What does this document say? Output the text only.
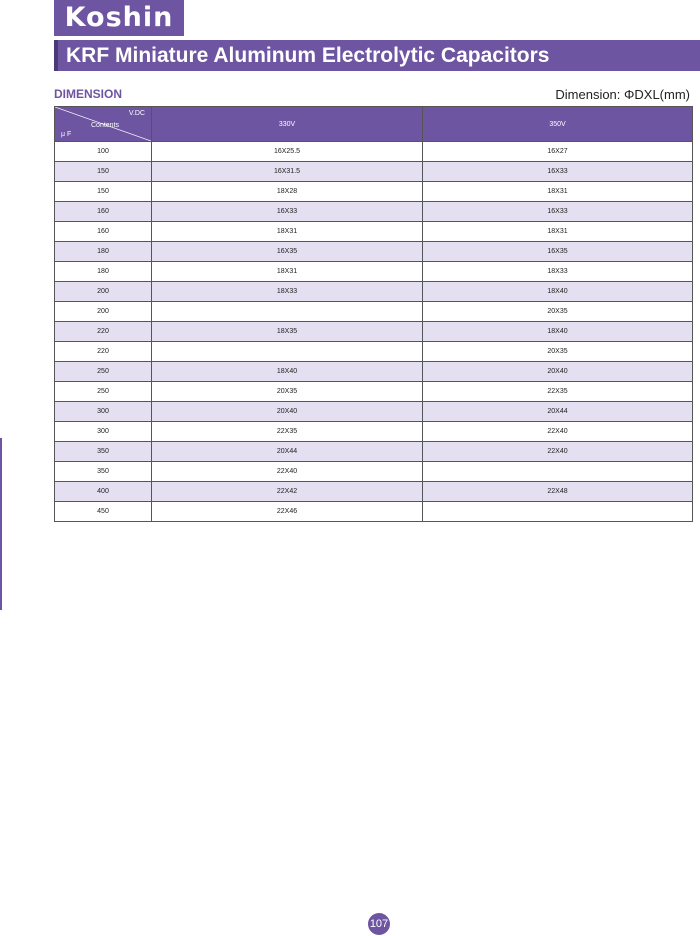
Koshin
KRF Miniature Aluminum Electrolytic Capacitors
DIMENSION	Dimension: ΦDXL(mm)
V.DC
Contents
μ F	330V	350V
100	16X25.5	16X27
150	16X31.5	16X33
150	18X28	18X31
160	16X33	16X33
160	18X31	18X31
180	16X35	16X35
180	18X31	18X33
200	18X33	18X40
200		20X35
220	18X35	18X40
220		20X35
250	18X40	20X40
250	20X35	22X35
300	20X40	20X44
300	22X35	22X40
350	20X44	22X40
350	22X40	
400	22X42	22X48
450	22X46	
107
